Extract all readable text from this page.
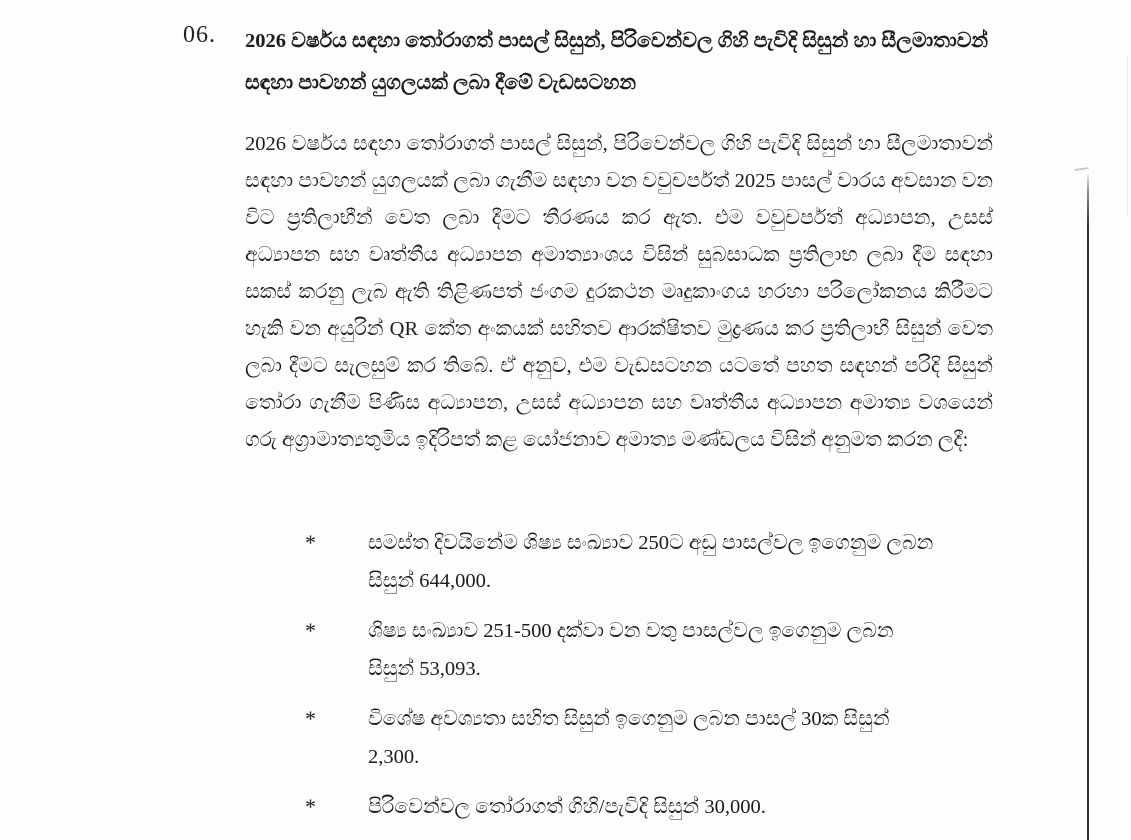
06. 2026 වර්ෂය සඳහා තෝරාගත් පාසල් සිසුන්, පිරිවෙන්වල ගිහි පැවිදි සිසුන් හා සීලමාතාවන් සඳහා පාවහන් යුගලයක් ලබා දීමේ වැඩසටහන
2026 වර්ෂය සඳහා තෝරාගත් පාසල් සිසුන්, පිරිවෙන්වල ගිහි පැවිදි සිසුන් හා සීලමාතාවන් සඳහා පාවහන් යුගලයක් ලබා ගැනීම සඳහා වන වවුචර්පත් 2025 පාසල් වාරය අවසාන වන විට ප්‍රතිලාභීන් වෙත ලබා දීමට තීරණය කර ඇත. එම වවුචර්පත් අධ්‍යාපන, උසස් අධ්‍යාපන සහ වෘත්තීය අධ්‍යාපන අමාත්‍යාංශය විසින් සුබසාධක ප්‍රතිලාභ ලබා දීම සඳහා සකස් කරනු ලැබ ඇති තිළිණපත් ජංගම දුරකථන මෘදුකාංගය හරහා පරිලෝකනය කිරීමට හැකි වන අයුරින් QR කේත අංකයක් සහිතව ආරක්ෂිතව මුද්‍රණය කර ප්‍රතිලාභී සිසුන් වෙත ලබා දීමට සැලසුම් කර තිබේ. ඒ අනුව, එම වැඩසටහන යටතේ පහත සඳහන් පරිදි සිසුන් තෝරා ගැනීම පිණිස අධ්‍යාපන, උසස් අධ්‍යාපන සහ වෘත්තීය අධ්‍යාපන අමාත්‍ය වශයෙන් ගරු අග්‍රාමාත්‍යතුමිය ඉදිරිපත් කළ යෝජනාව අමාත්‍ය මණ්ඩලය විසින් අනුමත කරන ලදී:
*	සමස්ත දිවයිනේම ශිෂ්‍ය සංඛ්‍යාව 250ට අඩු පාසල්වල ඉගෙනුම ලබන සිසුන් 644,000.
*	ශිෂ්‍ය සංඛ්‍යාව 251-500 දක්වා වන වතු පාසල්වල ඉගෙනුම ලබන සිසුන් 53,093.
*	විශේෂ අවශ්‍යතා සහිත සිසුන් ඉගෙනුම ලබන පාසල් 30ක සිසුන් 2,300.
*	පිරිවෙන්වල තෝරාගත් ගිහි/පැවිදි සිසුන් 30,000.
